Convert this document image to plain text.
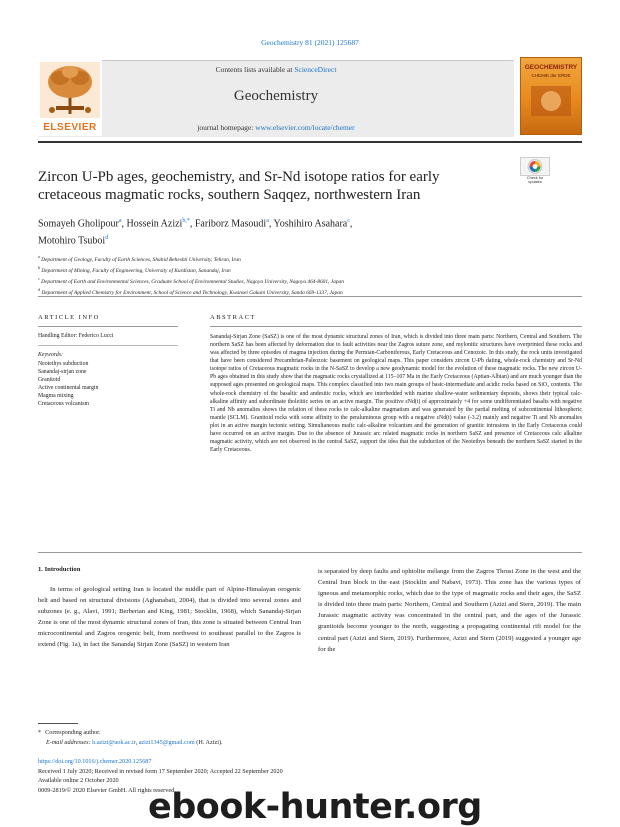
Geochemistry 81 (2021) 125687
Contents lists available at ScienceDirect
Geochemistry
journal homepage: www.elsevier.com/locate/chemer
ELSEVIER
GEOCHEMISTRY
CHEMIE der ERDE
Zircon U-Pb ages, geochemistry, and Sr-Nd isotope ratios for early cretaceous magmatic rocks, southern Saqqez, northwestern Iran
Check for updates
Somayeh Gholipour$^a$, Hossein Azizi$^{b,*}$, Fariborz Masoudi$^a$, Yoshihiro Asahara$^c$,
Motohiro Tsuboi$^d$
$^a$ Department of Geology, Faculty of Earth Sciences, Shahid Beheshti University, Tehran, Iran
$^b$ Department of Mining, Faculty of Engineering, University of Kurdistan, Sanandaj, Iran
$^c$ Department of Earth and Environmental Sciences, Graduate School of Environmental Studies, Nagoya University, Nagoya 464-8601, Japan
$^d$ Department of Applied Chemistry for Environment, School of Science and Technology, Kwansei Gakuin University, Sanda 669-1337, Japan
ARTICLE INFO
Handling Editor: Federico Lucci
Keywords:
Neotethys subduction
Sanandaj-sirjan zone
Granitoid
Active continental margin
Magma mixing
Cretaceous volcanism
ABSTRACT
Sanandaj-Sirjan Zone (SaSZ) is one of the most dynamic structural zones of Iran, which is divided into three main parts: Northern, Central and Southern. The northern SaSZ has been affected by deformation due to fault activities near the Zagros suture zone, and mylonitic structures have overprinted these rocks and was affected by three episodes of magma injection during the Permian-Carboniferous, Early Cretaceous and Cenozoic. In this study, the rock units investigated that have been considered Precambrian-Paleozoic basement on geological maps. This paper considers zircon U-Pb dating, whole-rock chemistry and Sr-Nd isotope ratios of Cretaceous magmatic rocks in the N-SaSZ to develop a new geodynamic model for the evolution of these magmatic rocks. The new zircon U-Pb ages obtained in this study show that the magmatic rocks crystallized at 115–107 Ma in the Early Cretaceous (Aptian-Albian) and are much younger than the supposed ages presented on geological maps. This complex classified into two main groups of basic-intermediate and acidic rocks based on SiO₂ contents. The whole-rock chemistry of the basaltic and andesitic rocks, which are interbedded with marine shallow-water sedimentary deposits, shows their typical calc-alkaline affinity and subordinate tholeiitic series on an active margin. The positive εNd(t) of approximately +4 for some undifferentiated basalts with negative Ti and Nb anomalies shows the relation of these rocks to calc-alkaline magmatism and was generated by the partial melting of subcontinental lithospheric mantle (SCLM). Granitoid rocks with some affinity to the peraluminous group with a negative εNd(t) value (-3.2) mainly and negative Ti and Nb anomalies plot in an active margin tectonic setting. Simultaneous mafic calc-alkaline volcanism and the generation of granitic intrusions in the Early Cretaceous could have occurred on an active margin. Due to the absence of Jurassic arc related magmatic rocks in northern SaSZ and presence of Cretaceous calc alkaline magmatic activity, which are not observed in the central SaSZ, support the idea that the subduction of the Neotethys beneath the northern SaSZ started in the Early Cretaceous.
1. Introduction
In terms of geological setting Iran is located the middle part of Alpine-Himalayan orogenic belt and based on structural divisions (Aghanabati, 2004), that is divided into several zones and subzones (e. g., Alavi, 1991; Berberian and King, 1981; Stocklin, 1968), which Sanandaj-Sirjan Zone is one of the most dynamic structural zones of Iran, this zone is situated between Central Iran microcontinental and Zagros orogenic belt, from northwest to southeast parallel to the Zagros is extend (Fig. 1a), in fact the Sanandaj Sirjan Zone (SaSZ) in western Iran
is separated by deep faults and ophiolite mélange from the Zagros Thrust Zone in the west and the Central Iran block in the east (Stocklin and Nabavi, 1973). This zone has the various types of igneous and metamorphic rocks, which due to the type of magmatic rocks and their ages, the SaSZ is divided into three main parts: Northern, Central and Southern (Azizi and Stern, 2019). The main Jurassic magmatic activity was concentrated in the central part, and the ages of the Jurassic granitoids become younger to the north, suggesting a propagating continental rift model for the central part (Azizi and Stern, 2019). Furthermore, Azizi and Stern (2019) suggested a younger age for the
* Corresponding author.
E-mail addresses: h.azizi@uok.ac.ir, azizi1345@gmail.com (H. Azizi).
https://doi.org/10.1016/j.chemer.2020.125687
Received 1 July 2020; Received in revised form 17 September 2020; Accepted 22 September 2020
Available online 2 October 2020
0009-2819/© 2020 Elsevier GmbH. All rights reserved.
ebook-hunter.org
